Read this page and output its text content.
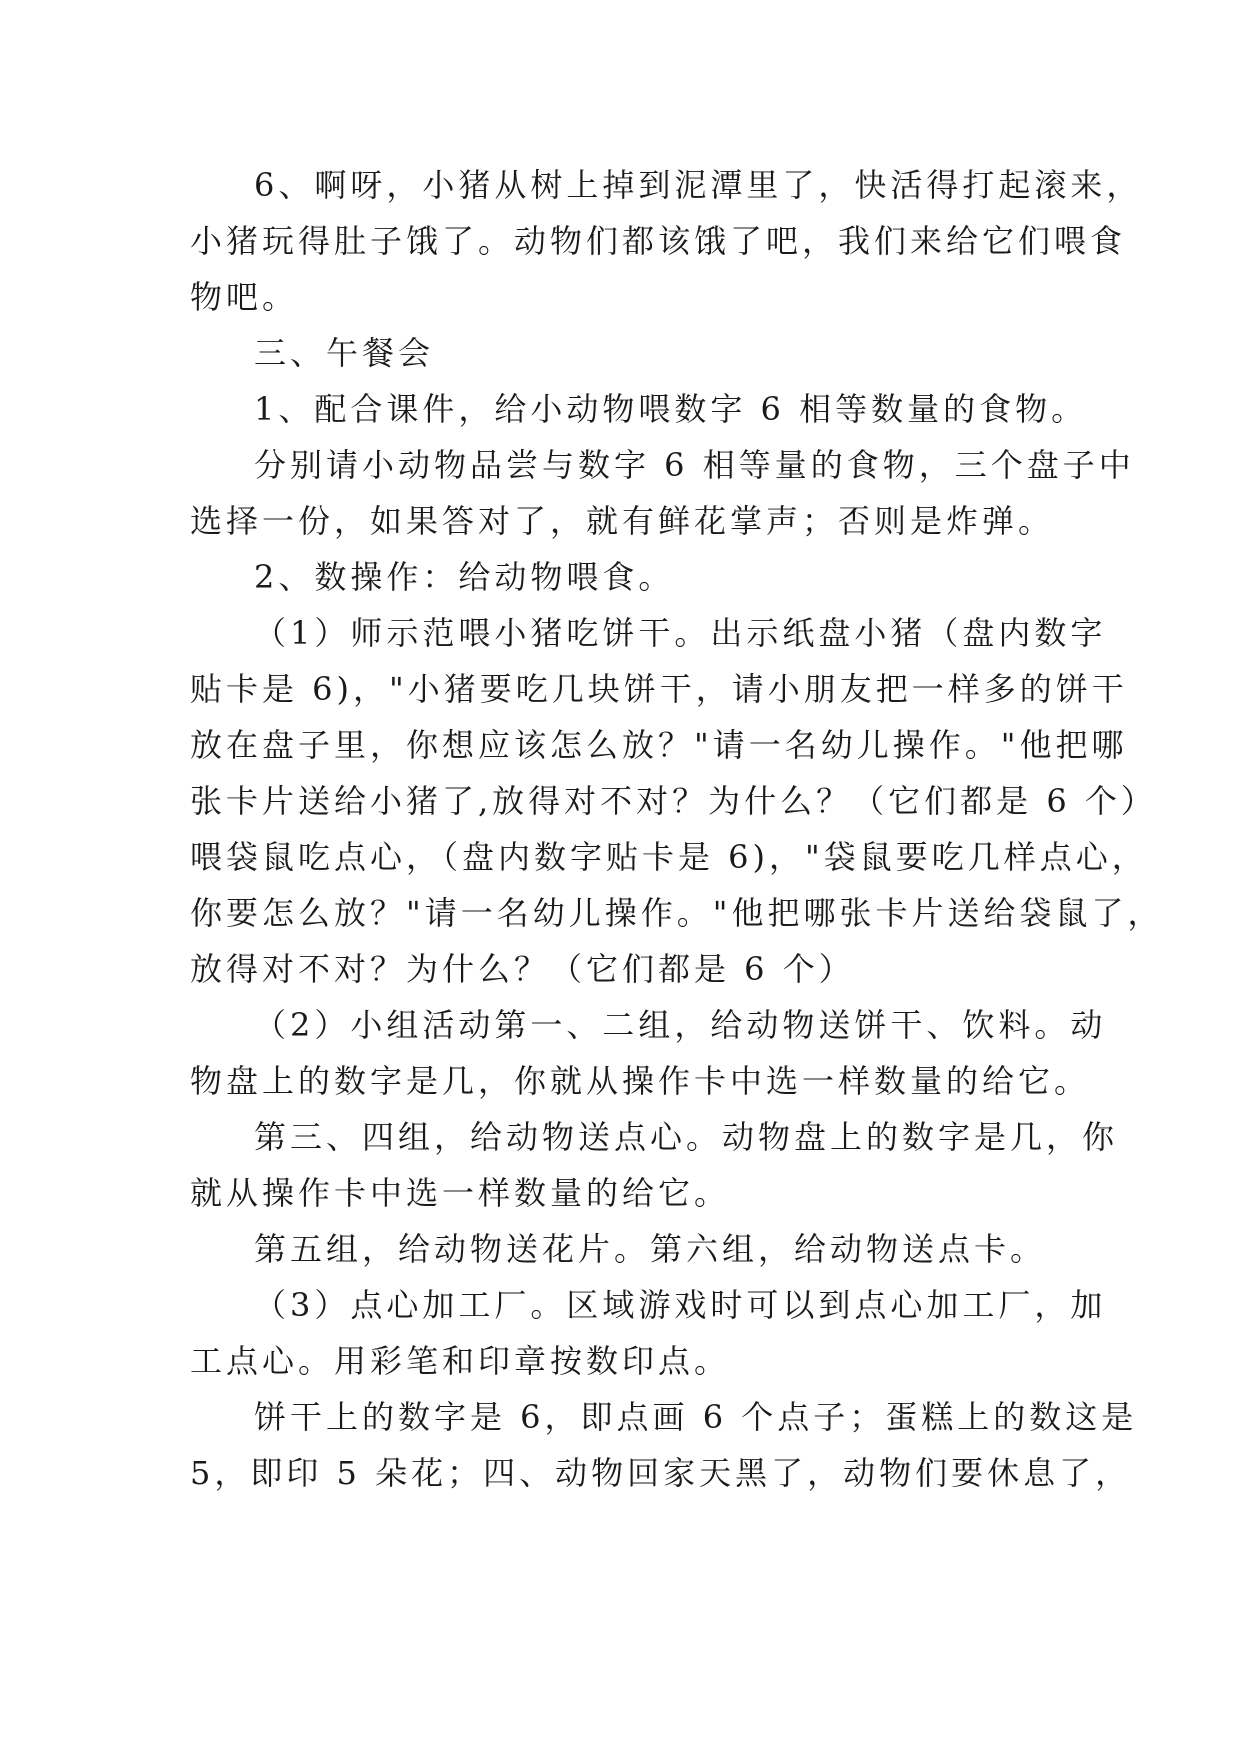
6、啊呀，小猪从树上掉到泥潭里了，快活得打起滚来，
小猪玩得肚子饿了。动物们都该饿了吧，我们来给它们喂食
物吧。
三、午餐会
1、配合课件，给小动物喂数字 6 相等数量的食物。
分别请小动物品尝与数字 6 相等量的食物，三个盘子中
选择一份，如果答对了，就有鲜花掌声；否则是炸弹。
2、数操作：给动物喂食。
（1）师示范喂小猪吃饼干。出示纸盘小猪（盘内数字
贴卡是 6)，"小猪要吃几块饼干，请小朋友把一样多的饼干
放在盘子里，你想应该怎么放？"请一名幼儿操作。"他把哪
张卡片送给小猪了,放得对不对？为什么？（它们都是 6 个）
喂袋鼠吃点心，（盘内数字贴卡是 6)，"袋鼠要吃几样点心，
你要怎么放？"请一名幼儿操作。"他把哪张卡片送给袋鼠了，
放得对不对？为什么？（它们都是 6 个）
（2）小组活动第一、二组，给动物送饼干、饮料。动
物盘上的数字是几，你就从操作卡中选一样数量的给它。
第三、四组，给动物送点心。动物盘上的数字是几，你
就从操作卡中选一样数量的给它。
第五组，给动物送花片。第六组，给动物送点卡。
（3）点心加工厂。区域游戏时可以到点心加工厂，加
工点心。用彩笔和印章按数印点。
饼干上的数字是 6，即点画 6 个点子；蛋糕上的数这是
5，即印 5 朵花；四、动物回家天黑了，动物们要休息了，
